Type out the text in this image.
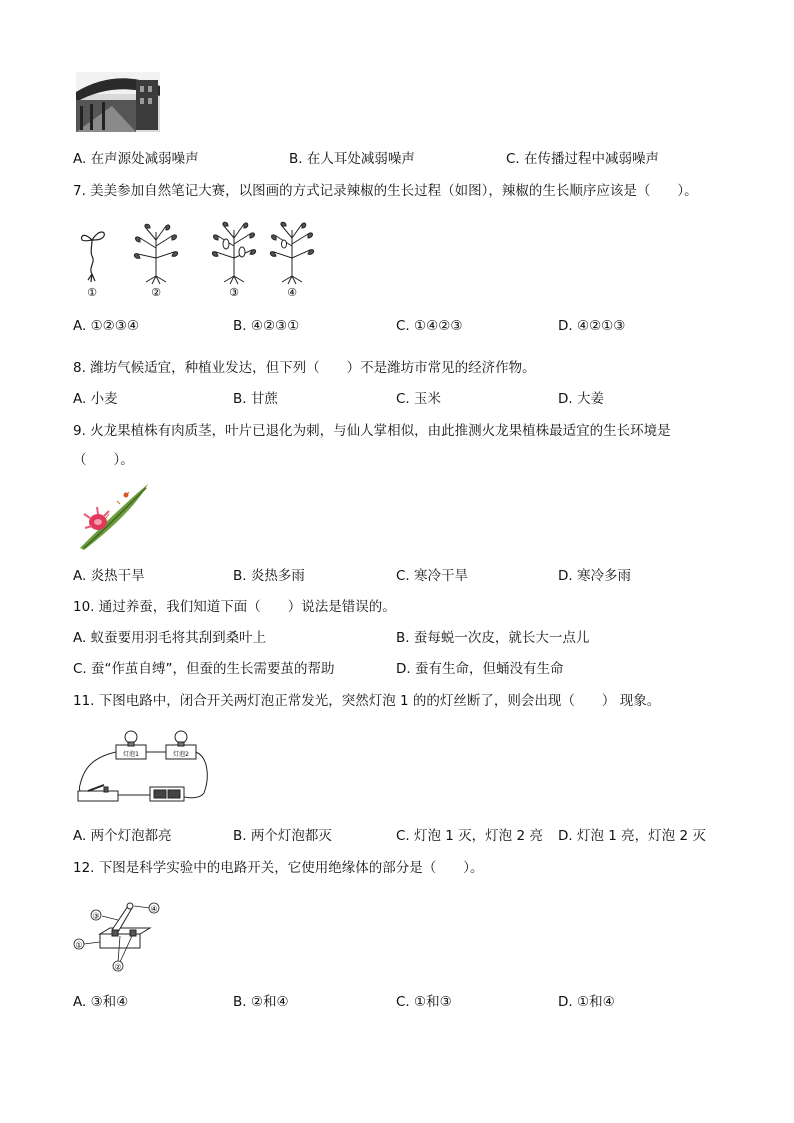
A. 在声源处减弱噪声	B. 在人耳处减弱噪声	C. 在传播过程中减弱噪声
7. 美美参加自然笔记大赛，以图画的方式记录辣椒的生长过程（如图），辣椒的生长顺序应该是（　　）。
①	②	③	④
A. ①②③④	B. ④②③①	C. ①④②③	D. ④②①③
8. 潍坊气候适宜，种植业发达，但下列（　　）不是潍坊市常见的经济作物。
A. 小麦	B. 甘蔗	C. 玉米	D. 大姜
9. 火龙果植株有肉质茎，叶片已退化为刺，与仙人掌相似，由此推测火龙果植株最适宜的生长环境是
（　　）。
A. 炎热干旱	B. 炎热多雨	C. 寒冷干旱	D. 寒冷多雨
10. 通过养蚕，我们知道下面（　　）说法是错误的。
A. 蚁蚕要用羽毛将其刮到桑叶上	B. 蚕每蜕一次皮，就长大一点儿
C. 蚕“作茧自缚”，但蚕的生长需要茧的帮助	D. 蚕有生命，但蛹没有生命
11. 下图电路中，闭合开关两灯泡正常发光，突然灯泡 1 的的灯丝断了，则会出现（　　） 现象。
灯泡1	灯泡2
A. 两个灯泡都亮	B. 两个灯泡都灭	C. 灯泡 1 灭，灯泡 2 亮 D. 灯泡 1 亮，灯泡 2 灭
12. 下图是科学实验中的电路开关，它使用绝缘体的部分是（　　）。
③
④
①
②
A. ③和④	B. ②和④	C. ①和③	D. ①和④
